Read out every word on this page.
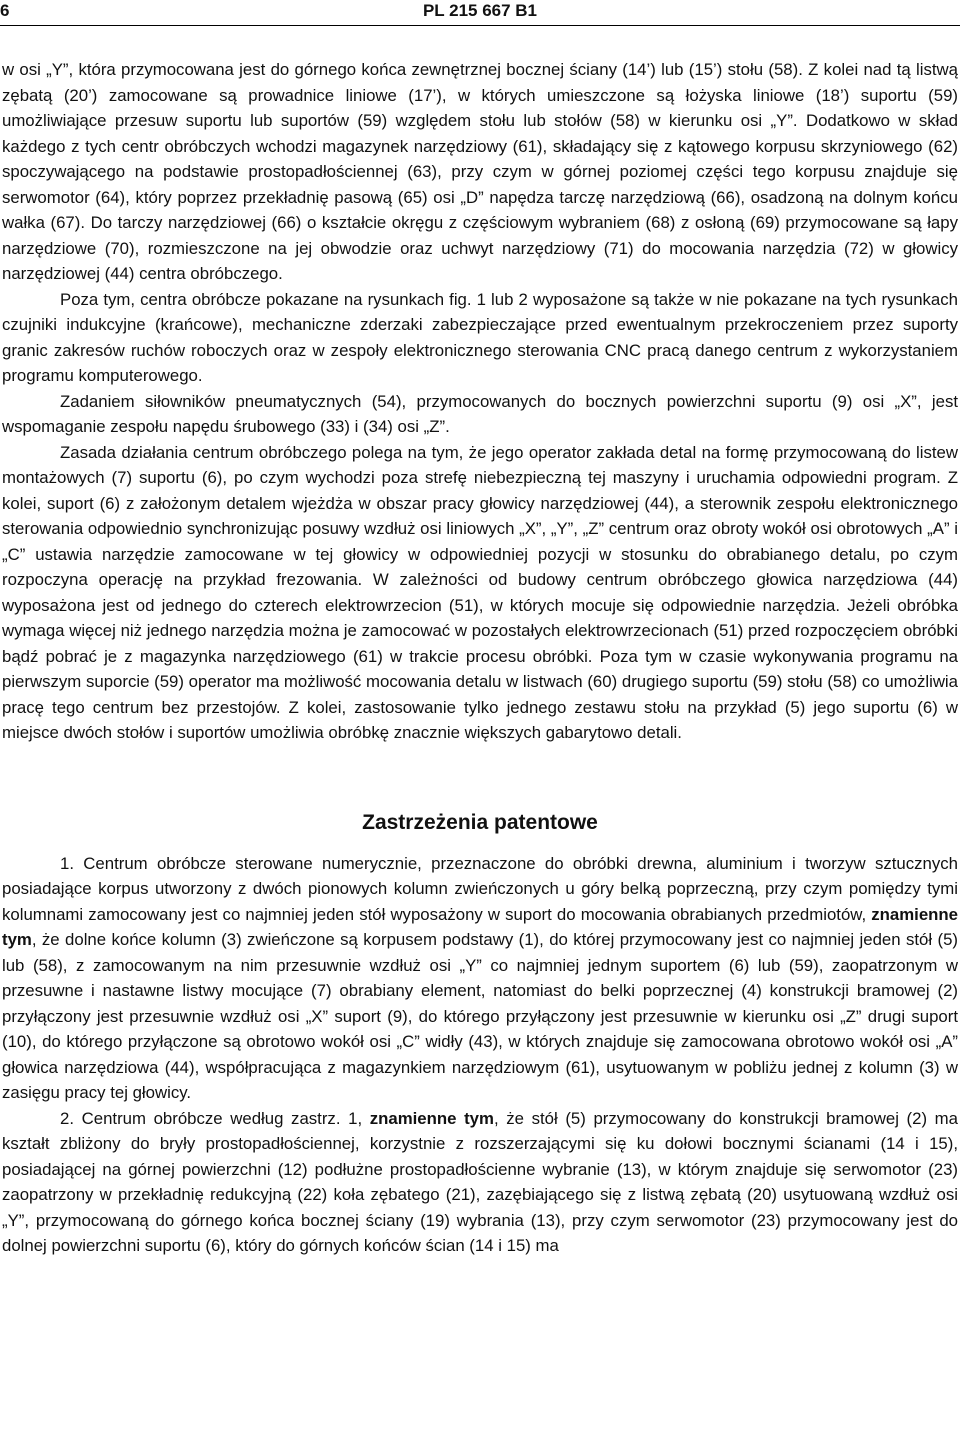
6	PL 215 667 B1

w osi „Y”, która przymocowana jest do górnego końca zewnętrznej bocznej ściany (14’) lub (15’) stołu (58). Z kolei nad tą listwą zębatą (20’) zamocowane są prowadnice liniowe (17’), w których umieszczone są łożyska liniowe (18’) suportu (59) umożliwiające przesuw suportu lub suportów (59) względem stołu lub stołów (58) w kierunku osi „Y”. Dodatkowo w skład każdego z tych centr obróbczych wchodzi magazynek narzędziowy (61), składający się z kątowego korpusu skrzyniowego (62) spoczywającego na podstawie prostopadłościennej (63), przy czym w górnej poziomej części tego korpusu znajduje się serwomotor (64), który poprzez przekładnię pasową (65) osi „D” napędza tarczę narzędziową (66), osadzoną na dolnym końcu wałka (67). Do tarczy narzędziowej (66) o kształcie okręgu z częściowym wybraniem (68) z osłoną (69) przymocowane są łapy narzędziowe (70), rozmieszczone na jej obwodzie oraz uchwyt narzędziowy (71) do mocowania narzędzia (72) w głowicy narzędziowej (44) centra obróbczego.

Poza tym, centra obróbcze pokazane na rysunkach fig. 1 lub 2 wyposażone są także w nie pokazane na tych rysunkach czujniki indukcyjne (krańcowe), mechaniczne zderzaki zabezpieczające przed ewentualnym przekroczeniem przez suporty granic zakresów ruchów roboczych oraz w zespoły elektronicznego sterowania CNC pracą danego centrum z wykorzystaniem programu komputerowego.

Zadaniem siłowników pneumatycznych (54), przymocowanych do bocznych powierzchni suportu (9) osi „X”, jest wspomaganie zespołu napędu śrubowego (33) i (34) osi „Z”.

Zasada działania centrum obróbczego polega na tym, że jego operator zakłada detal na formę przymocowaną do listew montażowych (7) suportu (6), po czym wychodzi poza strefę niebezpieczną tej maszyny i uruchamia odpowiedni program. Z kolei, suport (6) z założonym detalem wjeżdża w obszar pracy głowicy narzędziowej (44), a sterownik zespołu elektronicznego sterowania odpowiednio synchronizując posuwy wzdłuż osi liniowych „X”, „Y”, „Z” centrum oraz obroty wokół osi obrotowych „A” i „C” ustawia narzędzie zamocowane w tej głowicy w odpowiedniej pozycji w stosunku do obrabianego detalu, po czym rozpoczyna operację na przykład frezowania. W zależności od budowy centrum obróbczego głowica narzędziowa (44) wyposażona jest od jednego do czterech elektrowrzecion (51), w których mocuje się odpowiednie narzędzia. Jeżeli obróbka wymaga więcej niż jednego narzędzia można je zamocować w pozostałych elektrowrzecionach (51) przed rozpoczęciem obróbki bądź pobrać je z magazynka narzędziowego (61) w trakcie procesu obróbki. Poza tym w czasie wykonywania programu na pierwszym suporcie (59) operator ma możliwość mocowania detalu w listwach (60) drugiego suportu (59) stołu (58) co umożliwia pracę tego centrum bez przestojów. Z kolei, zastosowanie tylko jednego zestawu stołu na przykład (5) jego suportu (6) w miejsce dwóch stołów i suportów umożliwia obróbkę znacznie większych gabarytowo detali.

Zastrzeżenia patentowe

1. Centrum obróbcze sterowane numerycznie, przeznaczone do obróbki drewna, aluminium i tworzyw sztucznych posiadające korpus utworzony z dwóch pionowych kolumn zwieńczonych u góry belką poprzeczną, przy czym pomiędzy tymi kolumnami zamocowany jest co najmniej jeden stół wyposażony w suport do mocowania obrabianych przedmiotów, znamienne tym, że dolne końce kolumn (3) zwieńczone są korpusem podstawy (1), do której przymocowany jest co najmniej jeden stół (5) lub (58), z zamocowanym na nim przesuwnie wzdłuż osi „Y” co najmniej jednym suportem (6) lub (59), zaopatrzonym w przesuwne i nastawne listwy mocujące (7) obrabiany element, natomiast do belki poprzecznej (4) konstrukcji bramowej (2) przyłączony jest przesuwnie wzdłuż osi „X” suport (9), do którego przyłączony jest przesuwnie w kierunku osi „Z” drugi suport (10), do którego przyłączone są obrotowo wokół osi „C” widły (43), w których znajduje się zamocowana obrotowo wokół osi „A” głowica narzędziowa (44), współpracująca z magazynkiem narzędziowym (61), usytuowanym w pobliżu jednej z kolumn (3) w zasięgu pracy tej głowicy.

2. Centrum obróbcze według zastrz. 1, znamienne tym, że stół (5) przymocowany do konstrukcji bramowej (2) ma kształt zbliżony do bryły prostopadłościennej, korzystnie z rozszerzającymi się ku dołowi bocznymi ścianami (14 i 15), posiadającej na górnej powierzchni (12) podłużne prostopadłościenne wybranie (13), w którym znajduje się serwomotor (23) zaopatrzony w przekładnię redukcyjną (22) koła zębatego (21), zazębiającego się z listwą zębatą (20) usytuowaną wzdłuż osi „Y”, przymocowaną do górnego końca bocznej ściany (19) wybrania (13), przy czym serwomotor (23) przymocowany jest do dolnej powierzchni suportu (6), który do górnych końców ścian (14 i 15) ma
